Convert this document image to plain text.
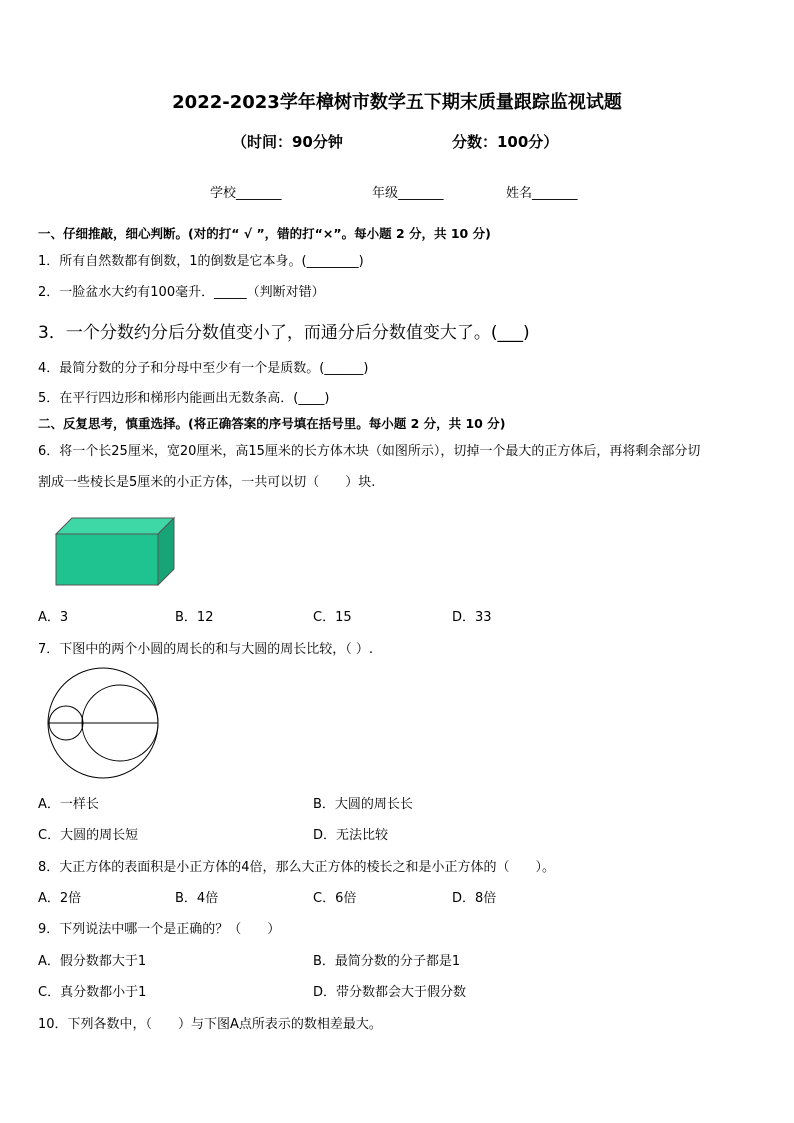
2022-2023学年樟树市数学五下期末质量跟踪监视试题
（时间：90分钟	分数：100分）
学校_______	年级_______	姓名_______
一、仔细推敲，细心判断。(对的打“ √ ”，错的打“×”。每小题 2 分，共 10 分)
1．所有自然数都有倒数，1的倒数是它本身。(________)
2．一脸盆水大约有100毫升．_____（判断对错）
3．一个分数约分后分数值变小了，而通分后分数值变大了。(___)
4．最简分数的分子和分母中至少有一个是质数。(______)
5．在平行四边形和梯形内能画出无数条高．(____)
二、反复思考，慎重选择。(将正确答案的序号填在括号里。每小题 2 分，共 10 分)
6．将一个长25厘米，宽20厘米，高15厘米的长方体木块（如图所示），切掉一个最大的正方体后，再将剩余部分切
割成一些棱长是5厘米的小正方体，一共可以切（　　）块.
A．3	B．12	C．15	D．33
7．下图中的两个小圆的周长的和与大圆的周长比较，（ ）.
A．一样长	B．大圆的周长长
C．大圆的周长短	D．无法比较
8．大正方体的表面积是小正方体的4倍，那么大正方体的棱长之和是小正方体的（　　）。
A．2倍	B．4倍	C．6倍	D．8倍
9．下列说法中哪一个是正确的？（　　）
A．假分数都大于1	B．最简分数的分子都是1
C．真分数都小于1	D．带分数都会大于假分数
10．下列各数中，（　　）与下图A点所表示的数相差最大。
